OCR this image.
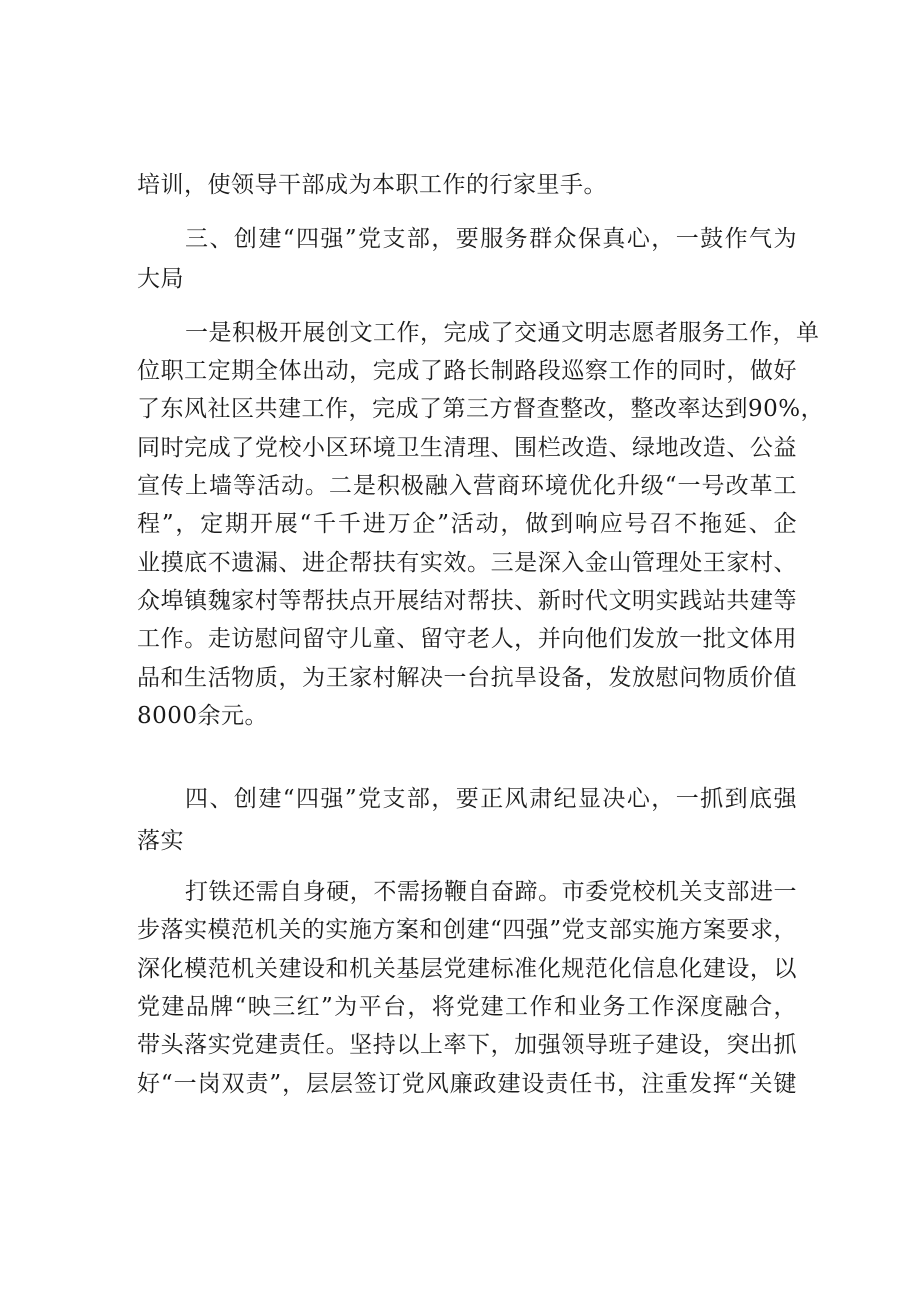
培训，使领导干部成为本职工作的行家里手。
三、创建“四强”党支部，要服务群众保真心，一鼓作气为
大局
一是积极开展创文工作，完成了交通文明志愿者服务工作，单
位职工定期全体出动，完成了路长制路段巡察工作的同时，做好
了东风社区共建工作，完成了第三方督查整改，整改率达到90%，
同时完成了党校小区环境卫生清理、围栏改造、绿地改造、公益
宣传上墙等活动。二是积极融入营商环境优化升级“一号改革工
程”，定期开展“千千进万企”活动，做到响应号召不拖延、企
业摸底不遗漏、进企帮扶有实效。三是深入金山管理处王家村、
众埠镇魏家村等帮扶点开展结对帮扶、新时代文明实践站共建等
工作。走访慰问留守儿童、留守老人，并向他们发放一批文体用
品和生活物质，为王家村解决一台抗旱设备，发放慰问物质价值
8000余元。
四、创建“四强”党支部，要正风肃纪显决心，一抓到底强
落实
打铁还需自身硬，不需扬鞭自奋蹄。市委党校机关支部进一
步落实模范机关的实施方案和创建“四强”党支部实施方案要求，
深化模范机关建设和机关基层党建标准化规范化信息化建设，以
党建品牌“映三红”为平台，将党建工作和业务工作深度融合，
带头落实党建责任。坚持以上率下，加强领导班子建设，突出抓
好“一岗双责”，层层签订党风廉政建设责任书，注重发挥“关键
